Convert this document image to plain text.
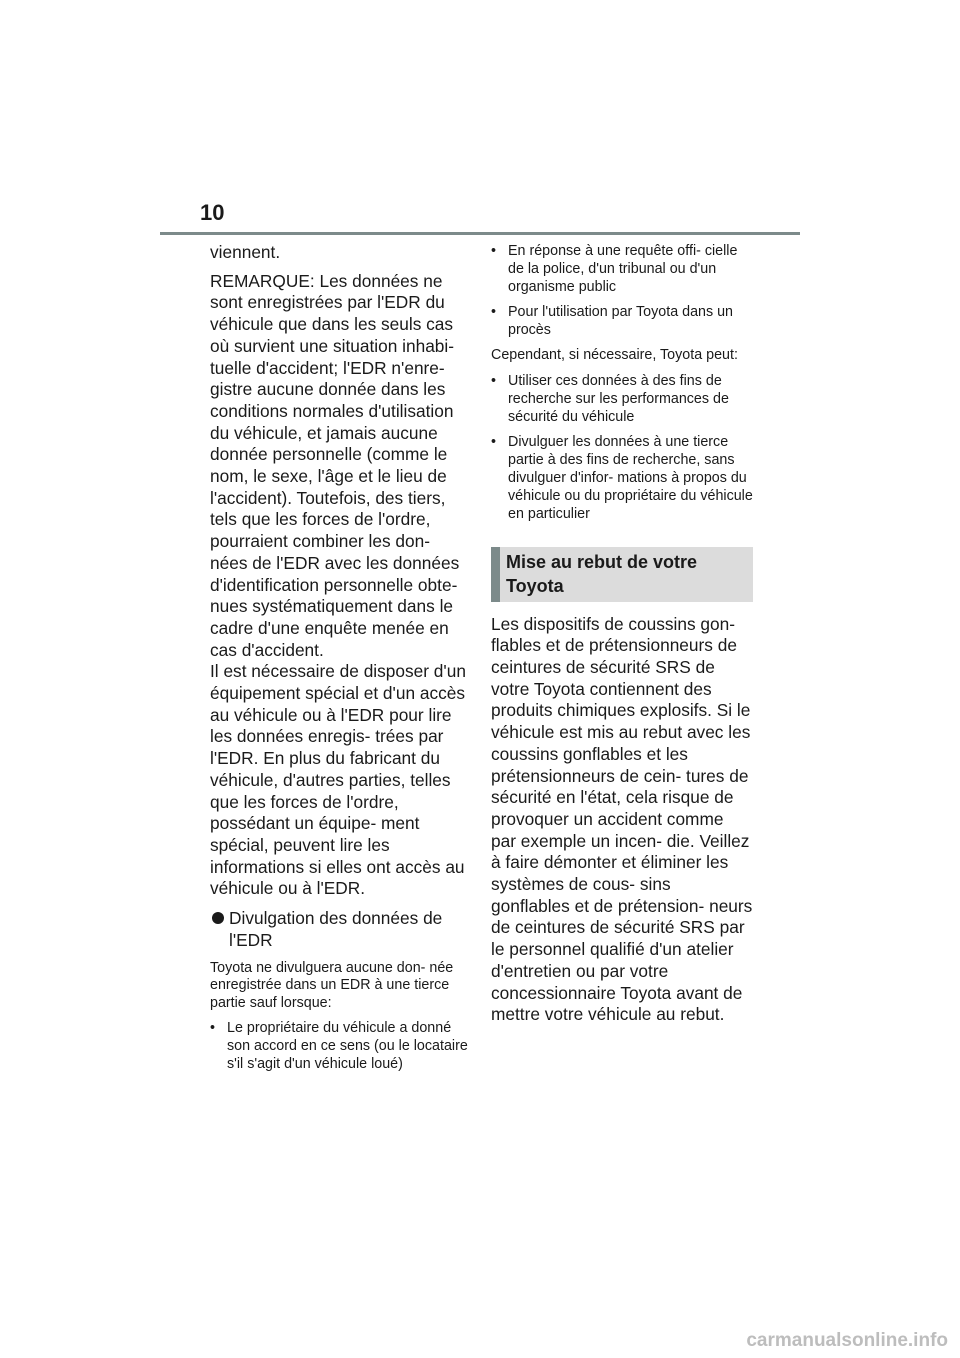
10

viennent.

REMARQUE: Les données ne sont enregistrées par l'EDR du véhicule que dans les seuls cas où survient une situation inhabi- tuelle d'accident; l'EDR n'enre- gistre aucune donnée dans les conditions normales d'utilisation du véhicule, et jamais aucune donnée personnelle (comme le nom, le sexe, l'âge et le lieu de l'accident). Toutefois, des tiers, tels que les forces de l'ordre, pourraient combiner les don- nées de l'EDR avec les données d'identification personnelle obte- nues systématiquement dans le cadre d'une enquête menée en cas d'accident.

Il est nécessaire de disposer d'un équipement spécial et d'un accès au véhicule ou à l'EDR pour lire les données enregis- trées par l'EDR. En plus du fabricant du véhicule, d'autres parties, telles que les forces de l'ordre, possédant un équipe- ment spécial, peuvent lire les informations si elles ont accès au véhicule ou à l'EDR.

Divulgation des données de l'EDR

Toyota ne divulguera aucune don- née enregistrée dans un EDR à une tierce partie sauf lorsque:

• Le propriétaire du véhicule a donné son accord en ce sens (ou le locataire s'il s'agit d'un véhicule loué)
• En réponse à une requête offi- cielle de la police, d'un tribunal ou d'un organisme public
• Pour l'utilisation par Toyota dans un procès

Cependant, si nécessaire, Toyota peut:

• Utiliser ces données à des fins de recherche sur les performances de sécurité du véhicule
• Divulguer les données à une tierce partie à des fins de recherche, sans divulguer d'infor- mations à propos du véhicule ou du propriétaire du véhicule en particulier
Mise au rebut de votre
Toyota

Les dispositifs de coussins gon- flables et de prétensionneurs de ceintures de sécurité SRS de votre Toyota contiennent des produits chimiques explosifs. Si le véhicule est mis au rebut avec les coussins gonflables et les prétensionneurs de cein- tures de sécurité en l'état, cela risque de provoquer un accident comme par exemple un incen- die. Veillez à faire démonter et éliminer les systèmes de cous- sins gonflables et de prétension- neurs de ceintures de sécurité SRS par le personnel qualifié d'un atelier d'entretien ou par votre concessionnaire Toyota avant de mettre votre véhicule au rebut.

carmanualsonline.info
